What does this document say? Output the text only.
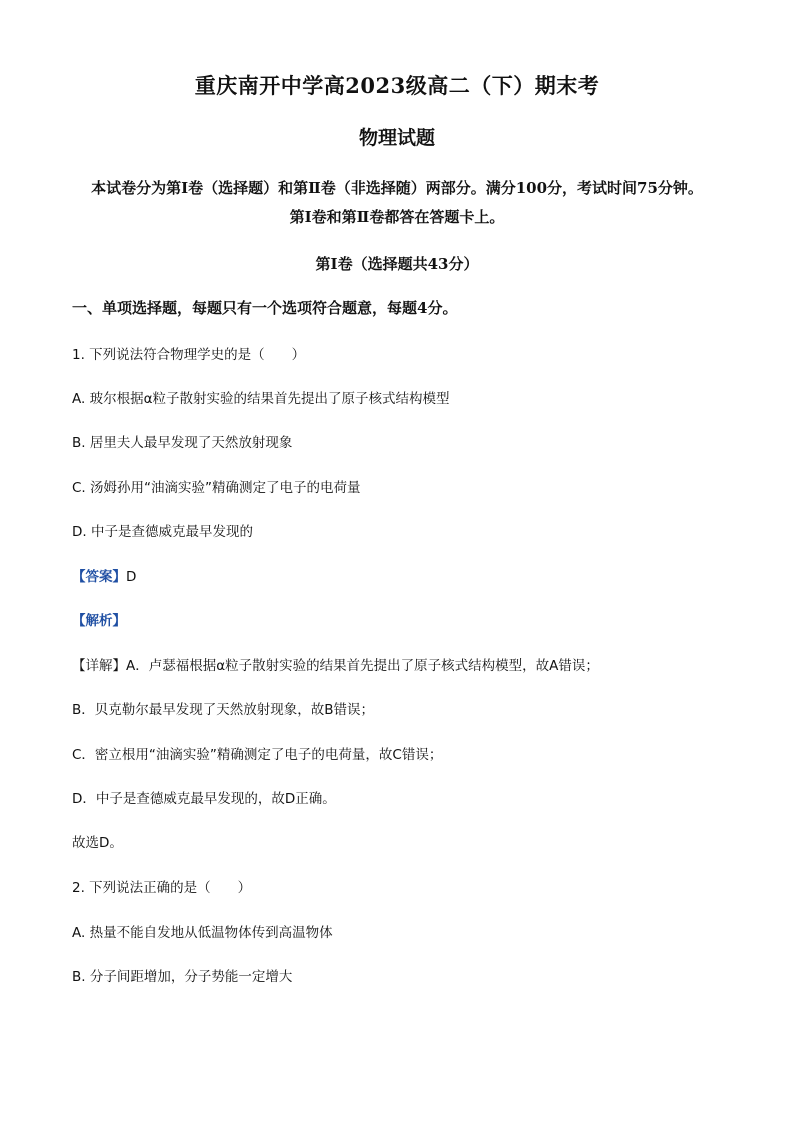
重庆南开中学高2023级高二（下）期末考
物理试题
本试卷分为第Ⅰ卷（选择题）和第Ⅱ卷（非选择随）两部分。满分100分，考试时间75分钟。
第Ⅰ卷和第Ⅱ卷都答在答题卡上。
第Ⅰ卷（选择题共43分）
一、单项选择题，每题只有一个选项符合题意，每题4分。
1. 下列说法符合物理学史的是（　　）
A. 玻尔根据α粒子散射实验的结果首先提出了原子核式结构模型
B. 居里夫人最早发现了天然放射现象
C. 汤姆孙用“油滴实验”精确测定了电子的电荷量
D. 中子是查德威克最早发现的
【答案】D
【解析】
【详解】A．卢瑟福根据α粒子散射实验的结果首先提出了原子核式结构模型，故A错误；
B．贝克勒尔最早发现了天然放射现象，故B错误；
C．密立根用“油滴实验”精确测定了电子的电荷量，故C错误；
D．中子是查德威克最早发现的，故D正确。
故选D。
2. 下列说法正确的是（　　）
A. 热量不能自发地从低温物体传到高温物体
B. 分子间距增加，分子势能一定增大
